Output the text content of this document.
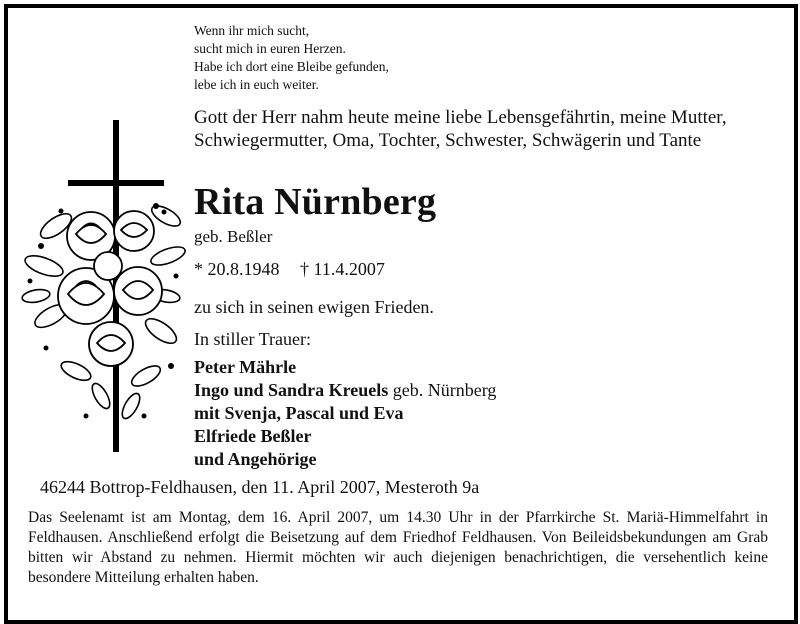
Wenn ihr mich sucht,
sucht mich in euren Herzen.
Habe ich dort eine Bleibe gefunden,
lebe ich in euch weiter.
Gott der Herr nahm heute meine liebe Lebensgefährtin, meine Mutter, Schwiegermutter, Oma, Tochter, Schwester, Schwägerin und Tante
Rita Nürnberg
geb. Beßler
* 20.8.1948 † 11.4.2007
zu sich in seinen ewigen Frieden.
In stiller Trauer:
Peter Mährle
Ingo und Sandra Kreuels geb. Nürnberg
mit Svenja, Pascal und Eva
Elfriede Beßler
und Angehörige
46244 Bottrop-Feldhausen, den 11. April 2007, Mesteroth 9a
Das Seelenamt ist am Montag, dem 16. April 2007, um 14.30 Uhr in der Pfarrkirche St. Mariä-Himmelfahrt in Feldhausen. Anschließend erfolgt die Beisetzung auf dem Friedhof Feldhausen. Von Beileidsbekundungen am Grab bitten wir Abstand zu nehmen. Hiermit möchten wir auch diejenigen benachrichtigen, die versehentlich keine besondere Mitteilung erhalten haben.
